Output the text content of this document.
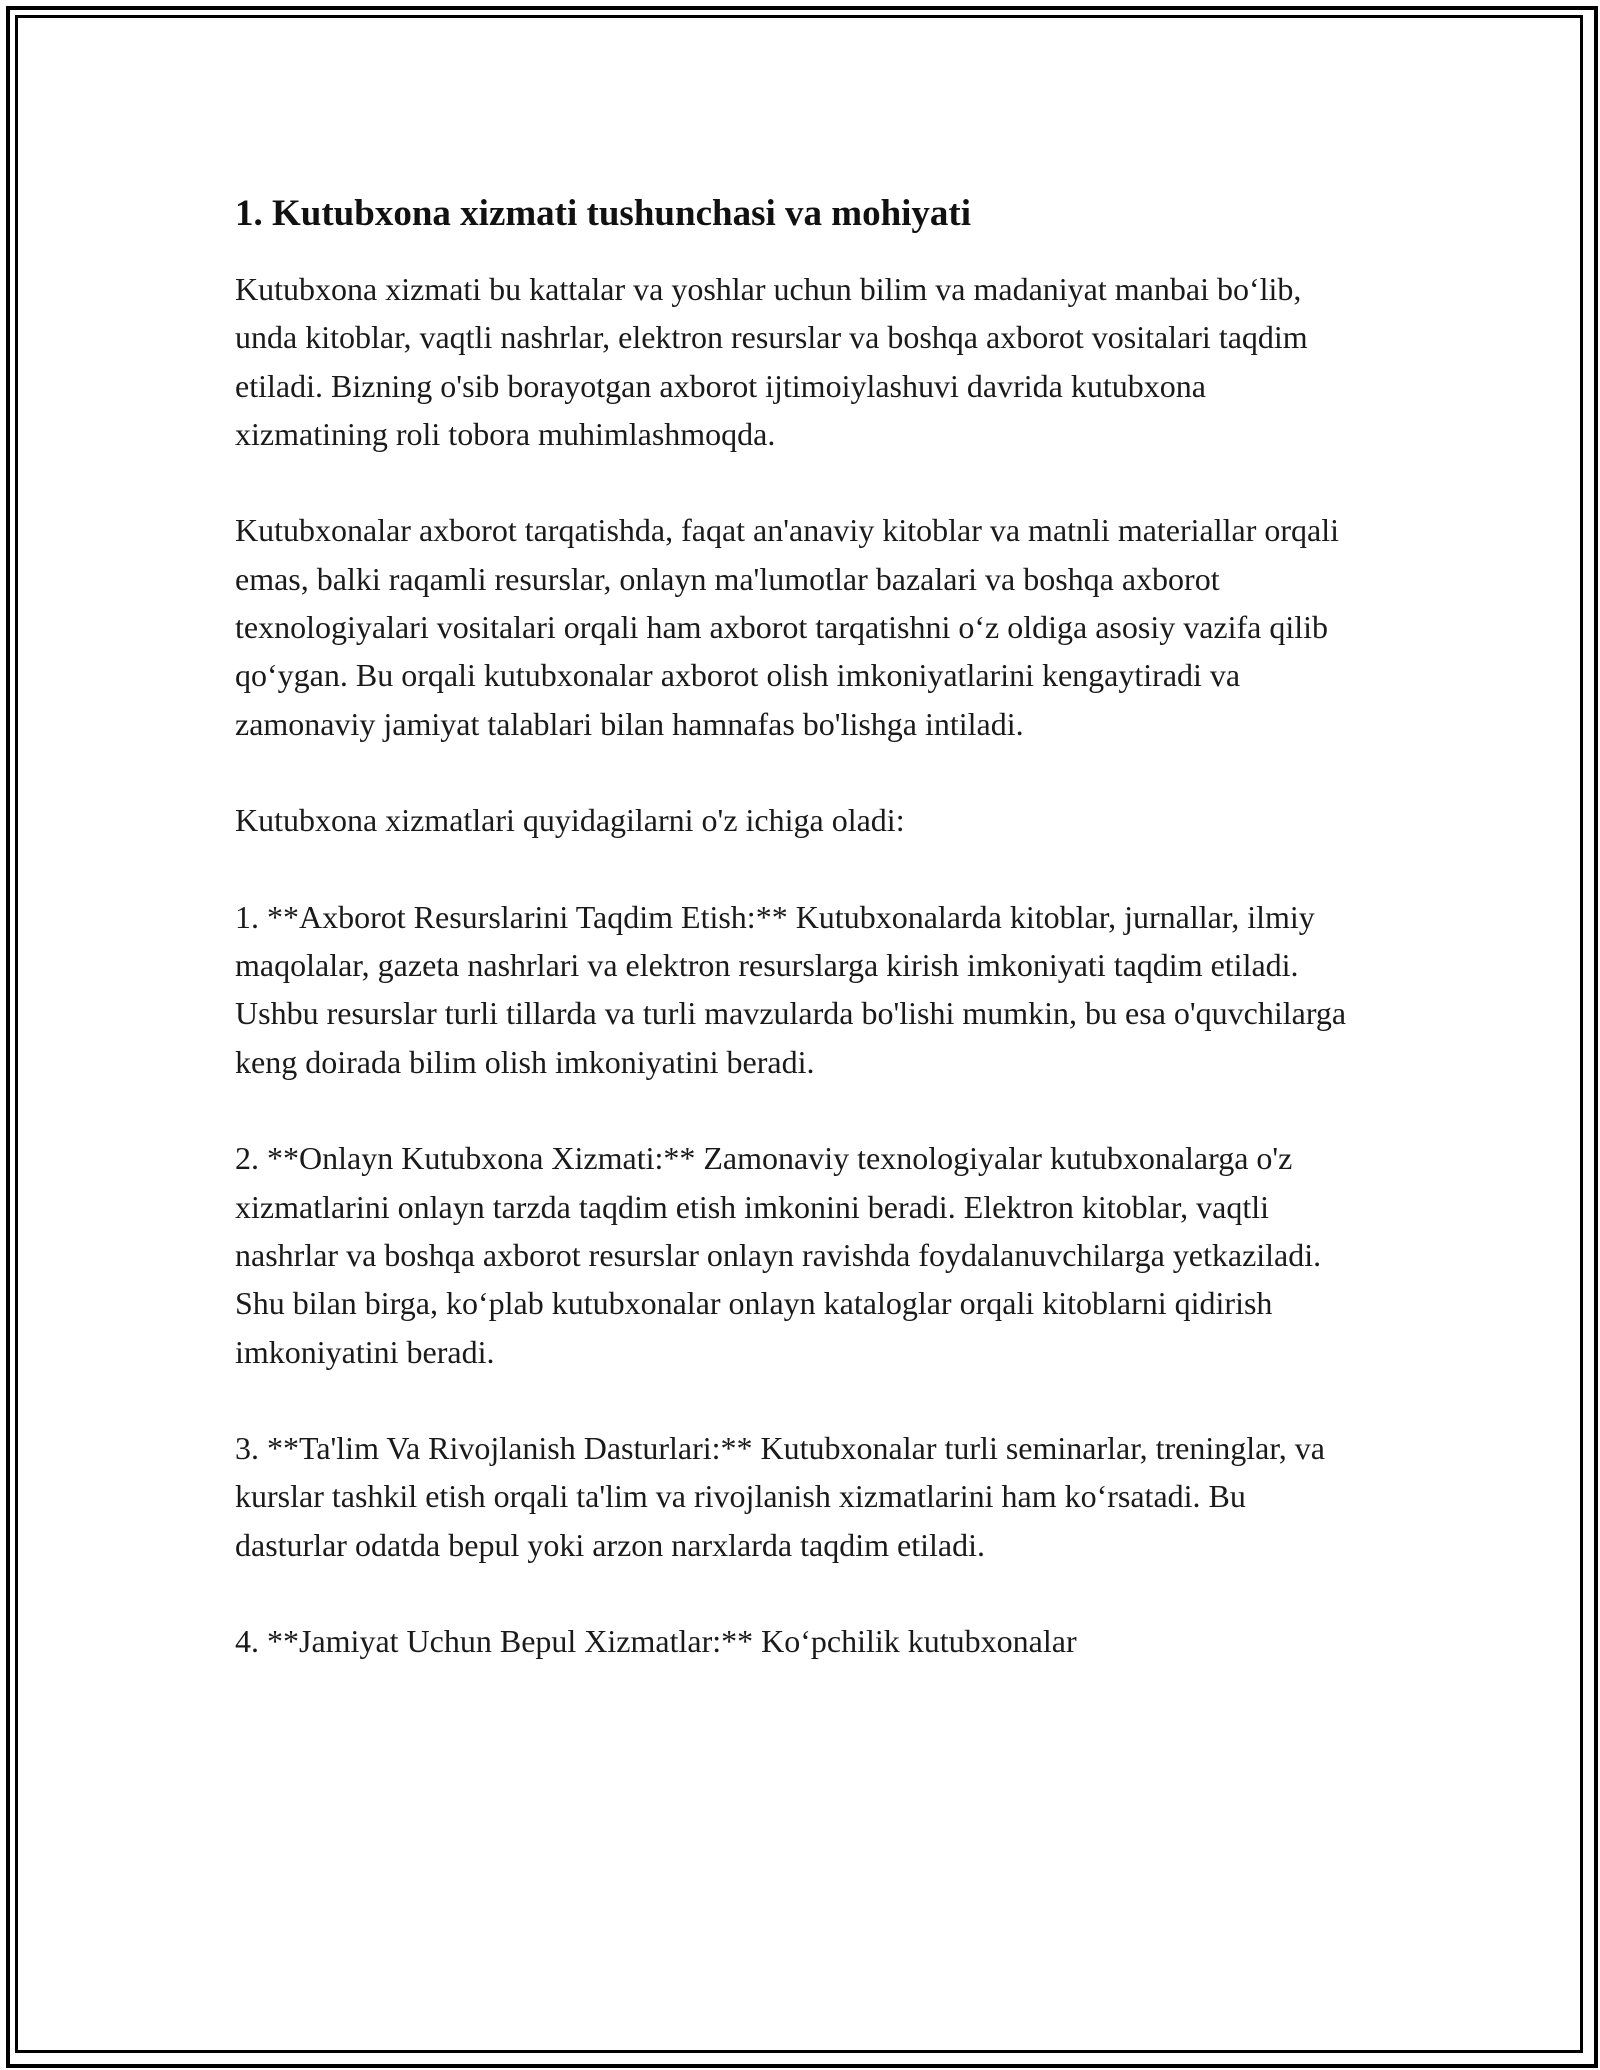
1. Kutubxona xizmati tushunchasi va mohiyati

Kutubxona xizmati bu kattalar va yoshlar uchun bilim va madaniyat manbai bo‘lib, unda kitoblar, vaqtli nashrlar, elektron resurslar va boshqa axborot vositalari taqdim etiladi. Bizning o'sib borayotgan axborot ijtimoiylashuvi davrida kutubxona xizmatining roli tobora muhimlashmoqda.

Kutubxonalar axborot tarqatishda, faqat an'anaviy kitoblar va matnli materiallar orqali emas, balki raqamli resurslar, onlayn ma'lumotlar bazalari va boshqa axborot texnologiyalari vositalari orqali ham axborot tarqatishni o‘z oldiga asosiy vazifa qilib qo‘ygan. Bu orqali kutubxonalar axborot olish imkoniyatlarini kengaytiradi va zamonaviy jamiyat talablari bilan hamnafas bo'lishga intiladi.

Kutubxona xizmatlari quyidagilarni o'z ichiga oladi:

1. **Axborot Resurslarini Taqdim Etish:** Kutubxonalarda kitoblar, jurnallar, ilmiy maqolalar, gazeta nashrlari va elektron resurslarga kirish imkoniyati taqdim etiladi. Ushbu resurslar turli tillarda va turli mavzularda bo'lishi mumkin, bu esa o'quvchilarga keng doirada bilim olish imkoniyatini beradi.

2. **Onlayn Kutubxona Xizmati:** Zamonaviy texnologiyalar kutubxonalarga o'z xizmatlarini onlayn tarzda taqdim etish imkonini beradi. Elektron kitoblar, vaqtli nashrlar va boshqa axborot resurslar onlayn ravishda foydalanuvchilarga yetkaziladi. Shu bilan birga, ko‘plab kutubxonalar onlayn kataloglar orqali kitoblarni qidirish imkoniyatini beradi.

3. **Ta'lim Va Rivojlanish Dasturlari:** Kutubxonalar turli seminarlar, treninglar, va kurslar tashkil etish orqali ta'lim va rivojlanish xizmatlarini ham ko‘rsatadi. Bu dasturlar odatda bepul yoki arzon narxlarda taqdim etiladi.

4. **Jamiyat Uchun Bepul Xizmatlar:** Ko‘pchilik kutubxonalar
